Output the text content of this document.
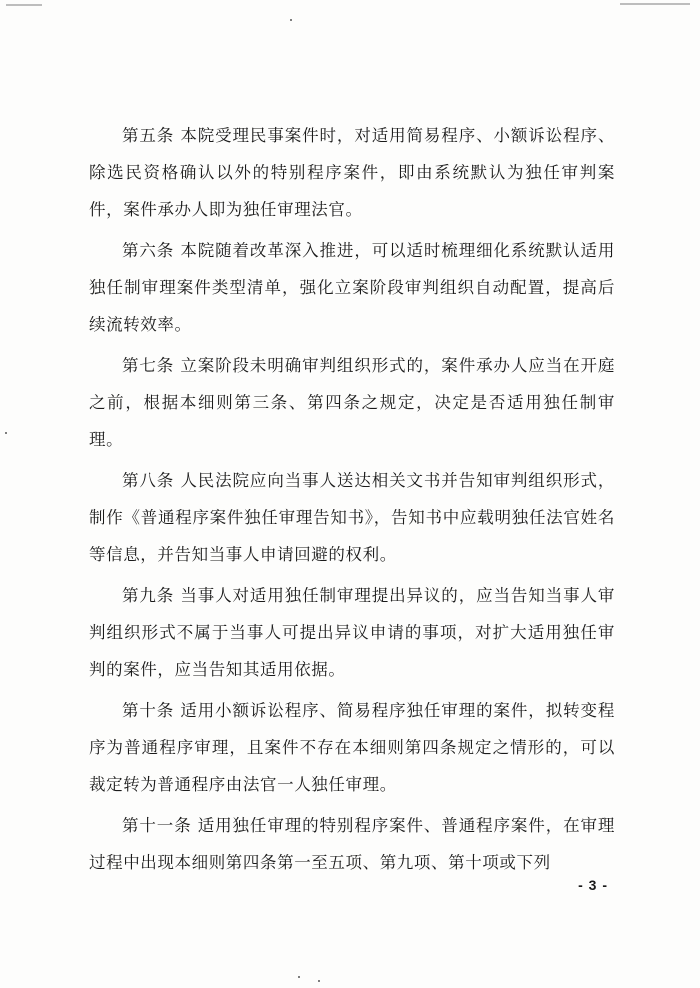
第五条 本院受理民事案件时，对适用简易程序、小额诉讼程序、除选民资格确认以外的特别程序案件，即由系统默认为独任审判案件，案件承办人即为独任审理法官。

第六条 本院随着改革深入推进，可以适时梳理细化系统默认适用独任制审理案件类型清单，强化立案阶段审判组织自动配置，提高后续流转效率。

第七条 立案阶段未明确审判组织形式的，案件承办人应当在开庭之前，根据本细则第三条、第四条之规定，决定是否适用独任制审理。

第八条 人民法院应向当事人送达相关文书并告知审判组织形式，制作《普通程序案件独任审理告知书》，告知书中应载明独任法官姓名等信息，并告知当事人申请回避的权利。

第九条 当事人对适用独任制审理提出异议的，应当告知当事人审判组织形式不属于当事人可提出异议申请的事项，对扩大适用独任审判的案件，应当告知其适用依据。

第十条 适用小额诉讼程序、简易程序独任审理的案件，拟转变程序为普通程序审理，且案件不存在本细则第四条规定之情形的，可以裁定转为普通程序由法官一人独任审理。

第十一条 适用独任审理的特别程序案件、普通程序案件，在审理过程中出现本细则第四条第一至五项、第九项、第十项或下列

- 3 -
